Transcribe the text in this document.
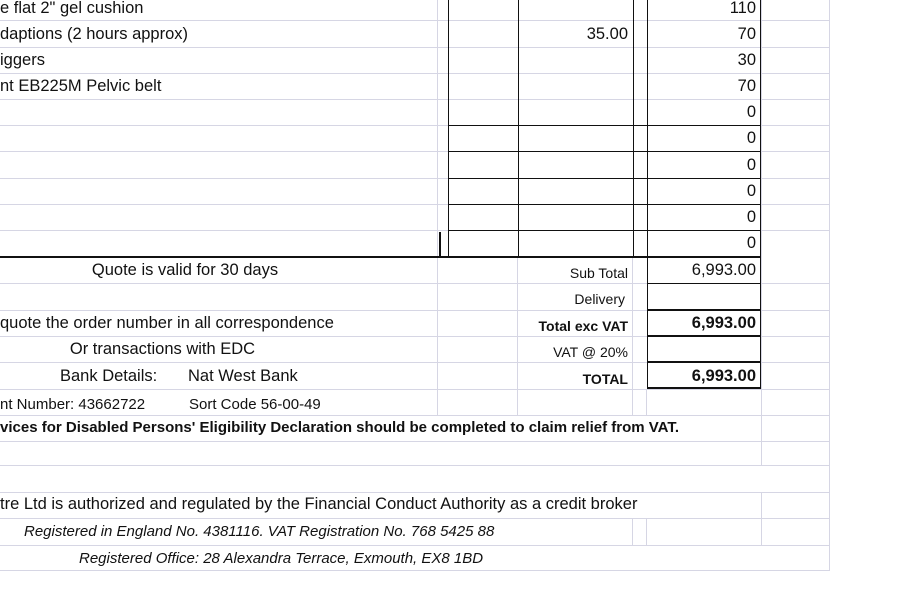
e flat 2" gel cushion	110
daptions (2 hours approx)	35.00	70
iggers	30
nt EB225M Pelvic belt	70
0
0
0
0
0
0
Quote is valid for 30 days
quote the order number in all correspondence
Or transactions with EDC
Bank Details: Nat West Bank
nt Number: 43662722	Sort Code 56-00-49
Sub Total	6,993.00
Delivery
Total exc VAT	6,993.00
VAT @ 20%
TOTAL	6,993.00
vices for Disabled Persons' Eligibility Declaration should be completed to claim relief from VAT.
tre Ltd is authorized and regulated by the Financial Conduct Authority as a credit broker
Registered in England No. 4381116. VAT Registration No. 768 5425 88
Registered Office: 28 Alexandra Terrace, Exmouth, EX8 1BD
